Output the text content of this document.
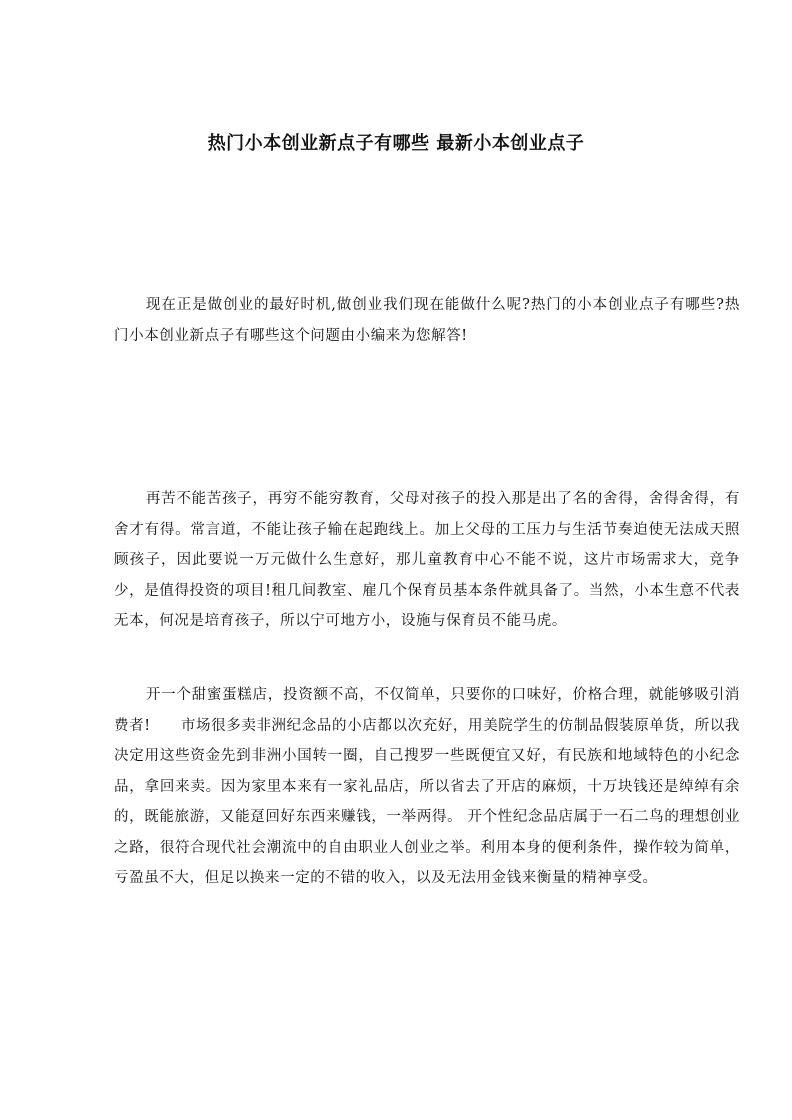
热门小本创业新点子有哪些 最新小本创业点子

现在正是做创业的最好时机,做创业我们现在能做什么呢?热门的小本创业点子有哪些?热门小本创业新点子有哪些这个问题由小编来为您解答!

再苦不能苦孩子，再穷不能穷教育，父母对孩子的投入那是出了名的舍得，舍得舍得，有舍才有得。常言道，不能让孩子输在起跑线上。加上父母的工压力与生活节奏迫使无法成天照顾孩子，因此要说一万元做什么生意好，那儿童教育中心不能不说，这片市场需求大，竞争少，是值得投资的项目!租几间教室、雇几个保育员基本条件就具备了。当然，小本生意不代表无本，何况是培育孩子，所以宁可地方小，设施与保育员不能马虎。

开一个甜蜜蛋糕店，投资额不高，不仅简单，只要你的口味好，价格合理，就能够吸引消费者!　　市场很多卖非洲纪念品的小店都以次充好，用美院学生的仿制品假装原单货，所以我决定用这些资金先到非洲小国转一圈，自己搜罗一些既便宜又好，有民族和地域特色的小纪念品，拿回来卖。因为家里本来有一家礼品店，所以省去了开店的麻烦，十万块钱还是绰绰有余的，既能旅游，又能趸回好东西来赚钱，一举两得。 开个性纪念品店属于一石二鸟的理想创业之路，很符合现代社会潮流中的自由职业人创业之举。利用本身的便利条件，操作较为简单，亏盈虽不大，但足以换来一定的不错的收入，以及无法用金钱来衡量的精神享受。
